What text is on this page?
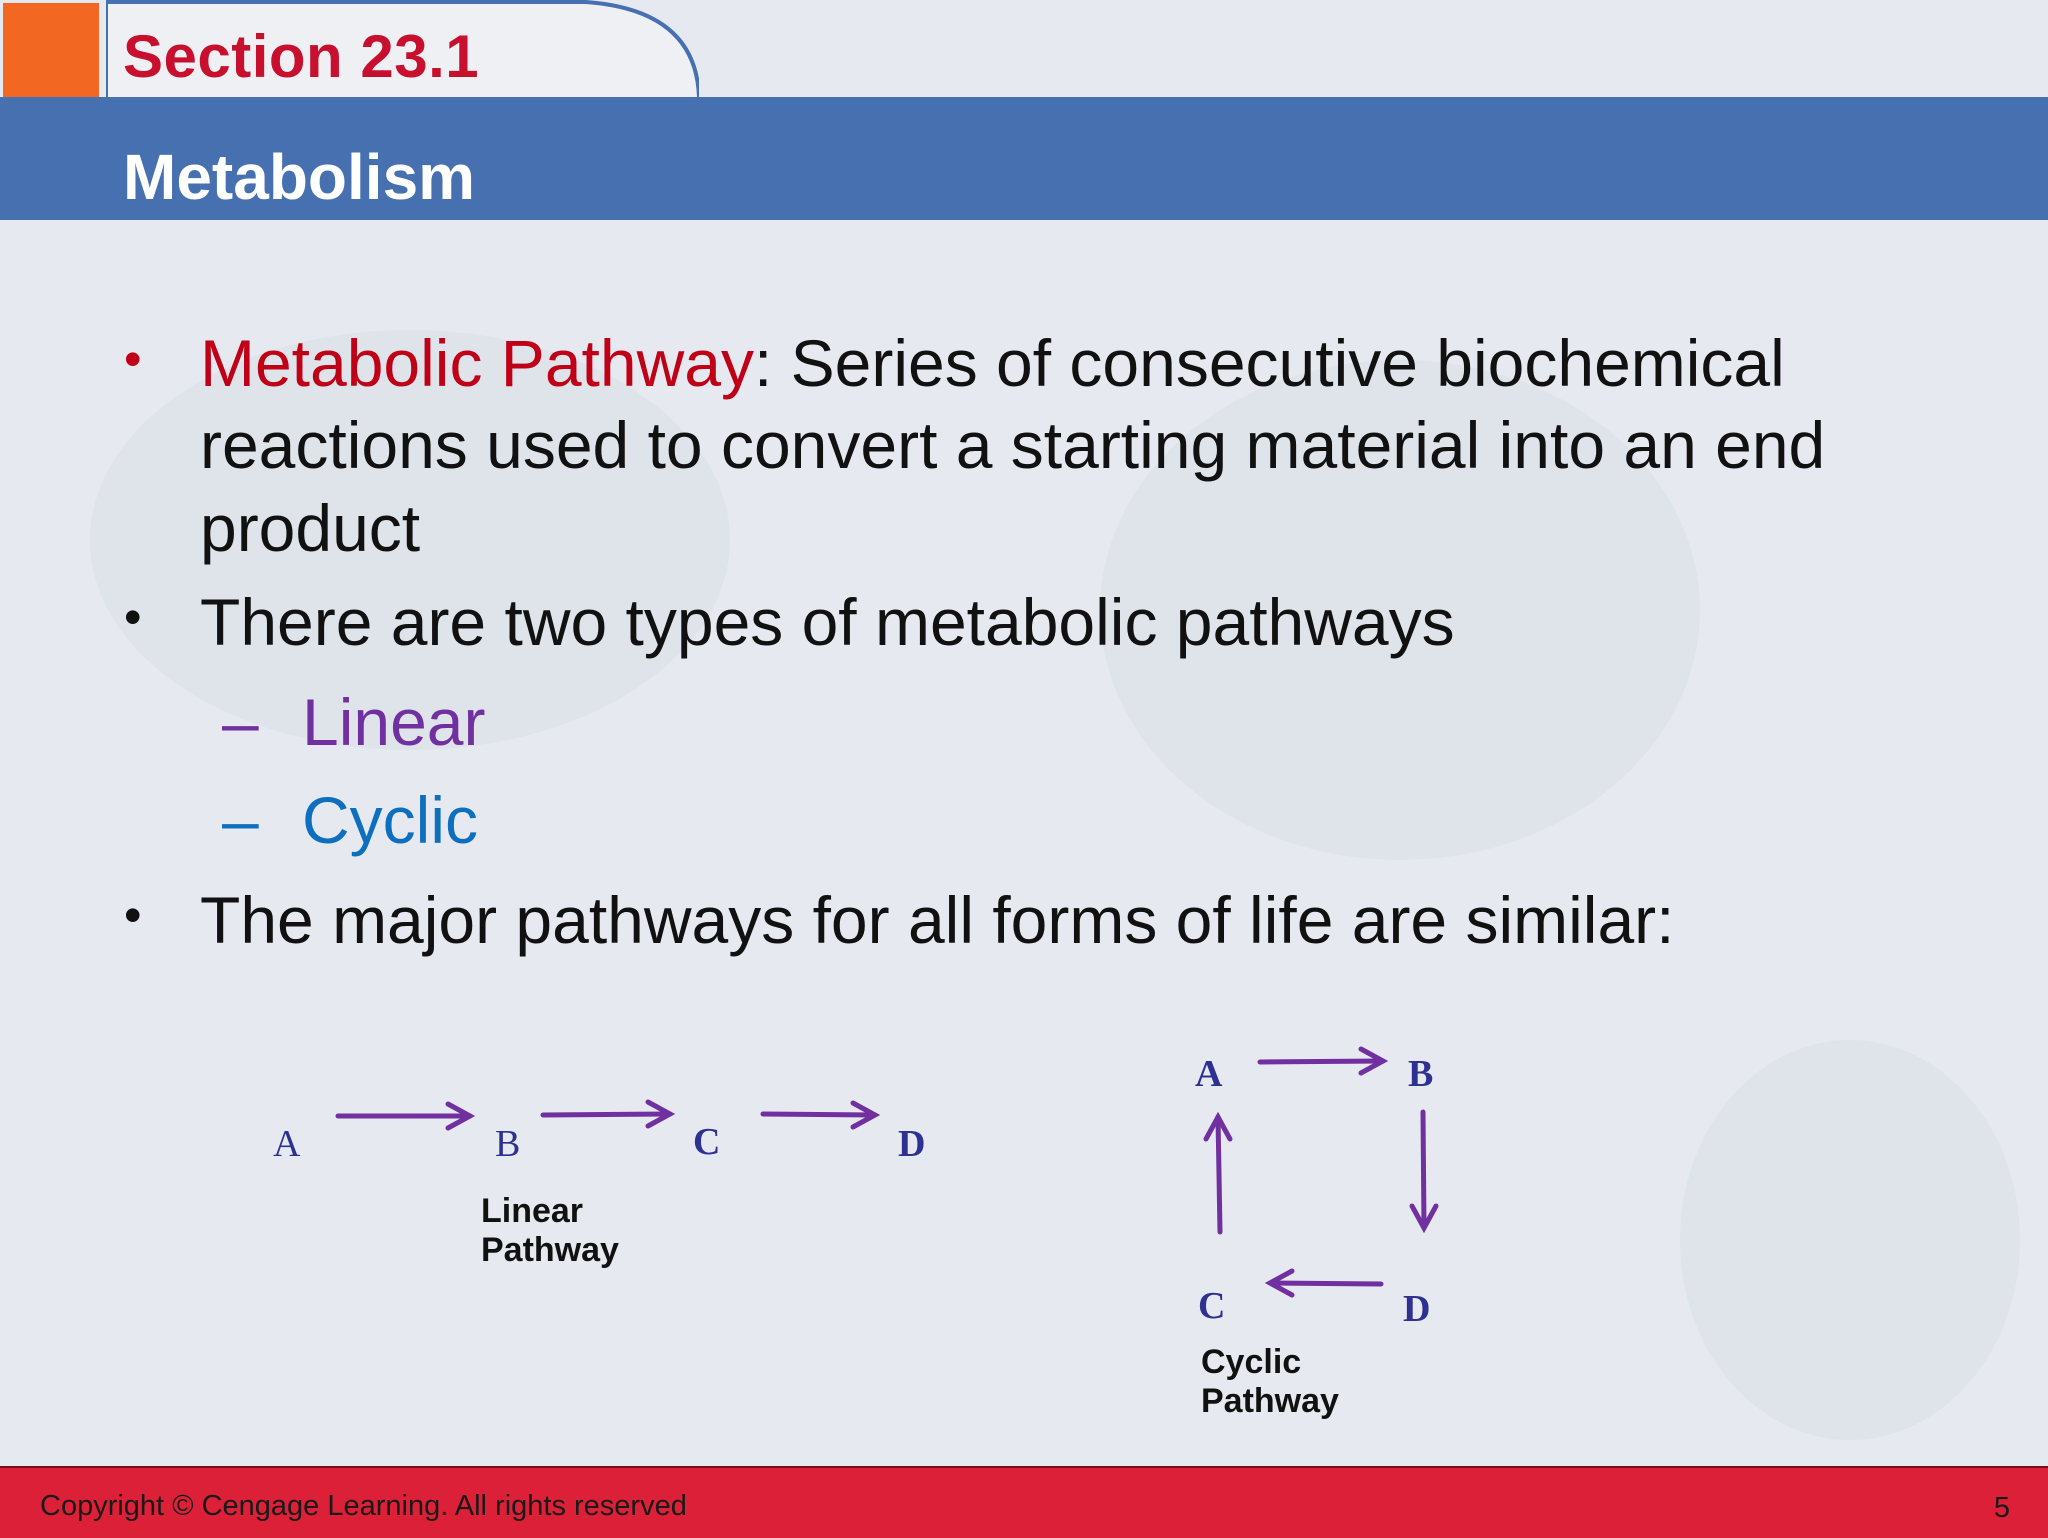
Section 23.1
Metabolism
• Metabolic Pathway: Series of consecutive biochemical

reactions used to convert a starting material into an end

product

• There are two types of metabolic pathways

– Linear

– Cyclic

• The major pathways for all forms of life are similar:

A	B	C	D
Linear Pathway
A	B
C	D
Cyclic Pathway
Copyright © Cengage Learning. All rights reserved	5
